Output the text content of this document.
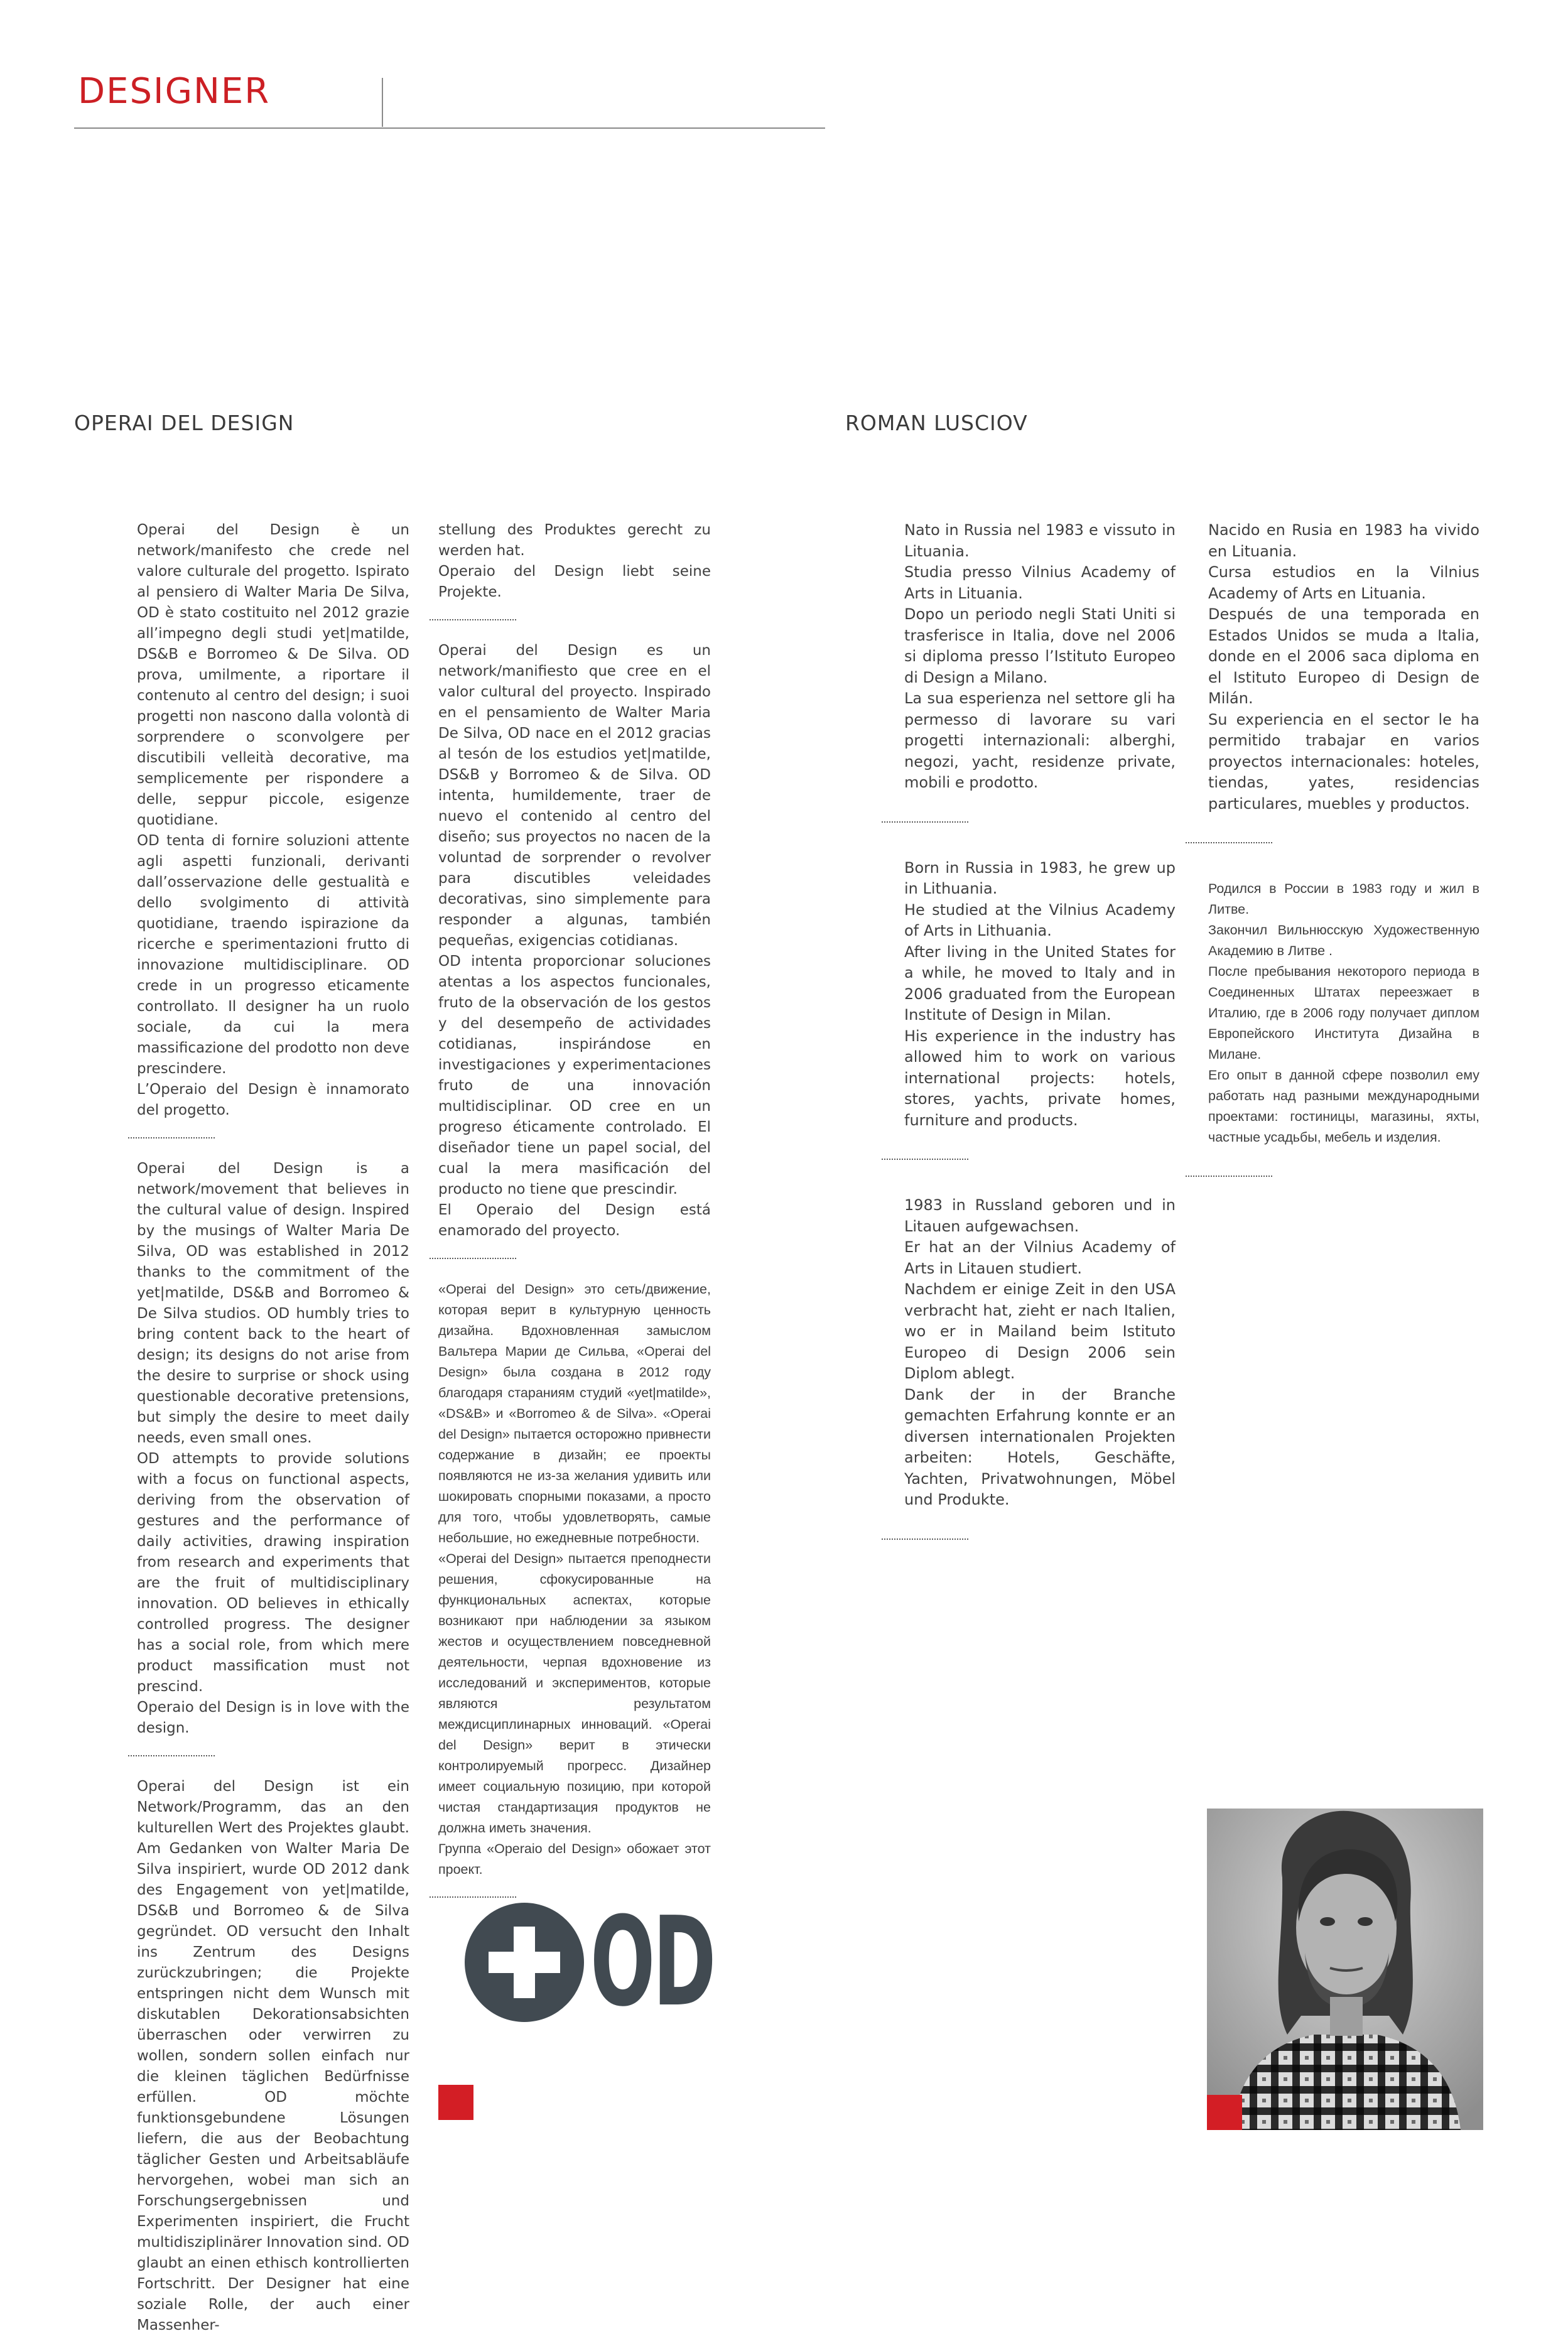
DESIGNER
OPERAI DEL DESIGN	ROMAN LUSCIOV

Operai del Design è un network/manifesto che crede nel valore culturale del progetto. Ispirato al pensiero di Walter Maria De Silva, OD è stato costituito nel 2012 grazie all’impegno degli studi yet|matilde, DS&B e Borromeo & De Silva. OD prova, umilmente, a riportare il contenuto al centro del design; i suoi progetti non nascono dalla volontà di sorprendere o sconvolgere per discutibili velleità decorative, ma semplicemente per rispondere a delle, seppur piccole, esigenze quotidiane.

OD tenta di fornire soluzioni attente agli aspetti funzionali, derivanti dall’osservazione delle gestualità e dello svolgimento di attività quotidiane, traendo ispirazione da ricerche e sperimentazioni frutto di innovazione multidisciplinare. OD crede in un progresso eticamente controllato. Il designer ha un ruolo sociale, da cui la mera massificazione del prodotto non deve prescindere.

L’Operaio del Design è innamorato del progetto.

Operai del Design is a network/movement that believes in the cultural value of design. Inspired by the musings of Walter Maria De Silva, OD was established in 2012 thanks to the commitment of the yet|matilde, DS&B and Borromeo & De Silva studios. OD humbly tries to bring content back to the heart of design; its designs do not arise from the desire to surprise or shock using questionable decorative pretensions, but simply the desire to meet daily needs, even small ones.

OD attempts to provide solutions with a focus on functional aspects, deriving from the observation of gestures and the performance of daily activities, drawing inspiration from research and experiments that are the fruit of multidisciplinary innovation. OD believes in ethically controlled progress. The designer has a social role, from which mere product massification must not prescind.

Operaio del Design is in love with the design.

Operai del Design ist ein Network/Programm, das an den kulturellen Wert des Projektes glaubt. Am Gedanken von Walter Maria De Silva inspiriert, wurde OD 2012 dank des Engagement von yet|matilde, DS&B und Borromeo & de Silva gegründet. OD versucht den Inhalt ins Zentrum des Designs zurückzubringen; die Projekte entspringen nicht dem Wunsch mit diskutablen Dekorationsabsichten überraschen oder verwirren zu wollen, sondern sollen einfach nur die kleinen täglichen Bedürfnisse erfüllen. OD möchte funktionsgebundene Lösungen liefern, die aus der Beobachtung täglicher Gesten und Arbeitsabläufe hervorgehen, wobei man sich an Forschungsergebnissen und Experimenten inspiriert, die Frucht multidisziplinärer Innovation sind. OD glaubt an einen ethisch kontrollierten Fortschritt. Der Designer hat eine soziale Rolle, der auch einer Massenher-

stellung des Produktes gerecht zu werden hat.

Operaio del Design liebt seine Projekte.

Operai del Design es un network/manifiesto que cree en el valor cultural del proyecto. Inspirado en el pensamiento de Walter Maria De Silva, OD nace en el 2012 gracias al tesón de los estudios yet|matilde, DS&B y Borromeo & de Silva. OD intenta, humildemente, traer de nuevo el contenido al centro del diseño; sus proyectos no nacen de la voluntad de sorprender o revolver para discutibles veleidades decorativas, sino simplemente para responder a algunas, también pequeñas, exigencias cotidianas.

OD intenta proporcionar soluciones atentas a los aspectos funcionales, fruto de la observación de los gestos y del desempeño de actividades cotidianas, inspirándose en investigaciones y experimentaciones fruto de una innovación multidisciplinar. OD cree en un progreso éticamente controlado. El diseñador tiene un papel social, del cual la mera masificación del producto no tiene que prescindir.

El Operaio del Design está enamorado del proyecto.

«Operai del Design» это сеть/движение, которая верит в культурную ценность дизайна. Вдохновленная замыслом Вальтера Марии де Сильва, «Operai del Design» была создана в 2012 году благодаря стараниям студий «yet|matilde», «DS&B» и «Borromeo & de Silva». «Operai del Design» пытается осторожно привнести содержание в дизайн; ее проекты появляются не из-за желания удивить или шокировать спорными показами, а просто для того, чтобы удовлетворять, самые небольшие, но ежедневные потребности.

«Operai del Design» пытается преподнести решения, сфокусированные на функциональных аспектах, которые возникают при наблюдении за языком жестов и осуществлением повседневной деятельности, черпая вдохновение из исследований и экспериментов, которые являются результатом междисциплинарных инноваций. «Operai del Design» верит в этически контролируемый прогресс. Дизайнер имеет социальную позицию, при которой чистая стандартизация продуктов не должна иметь значения.

Группа «Operaio del Design» обожает этот проект.

OD

Nato in Russia nel 1983 e vissuto in Lituania.

Studia presso Vilnius Academy of Arts in Lituania.

Dopo un periodo negli Stati Uniti si trasferisce in Italia, dove nel 2006 si diploma presso l’Istituto Europeo di Design a Milano.

La sua esperienza nel settore gli ha permesso di lavorare su vari progetti internazionali: alberghi, negozi, yacht, residenze private, mobili e prodotto.

Born in Russia in 1983, he grew up in Lithuania.

He studied at the Vilnius Academy of Arts in Lithuania.

After living in the United States for a while, he moved to Italy and in 2006 graduated from the European Institute of Design in Milan.

His experience in the industry has allowed him to work on various international projects: hotels, stores, yachts, private homes, furniture and products.

1983 in Russland geboren und in Litauen aufgewachsen.

Er hat an der Vilnius Academy of Arts in Litauen studiert.

Nachdem er einige Zeit in den USA verbracht hat, zieht er nach Italien, wo er in Mailand beim Istituto Europeo di Design 2006 sein Diplom ablegt.

Dank der in der Branche gemachten Erfahrung konnte er an diversen internationalen Projekten arbeiten: Hotels, Geschäfte, Yachten, Privatwohnungen, Möbel und Produkte.

Nacido en Rusia en 1983 ha vivido en Lituania.

Cursa estudios en la Vilnius Academy of Arts en Lituania.

Después de una temporada en Estados Unidos se muda a Italia, donde en el 2006 saca diploma en el Istituto Europeo di Design de Milán.

Su experiencia en el sector le ha permitido trabajar en varios proyectos internacionales: hoteles, tiendas, yates, residencias particulares, muebles y productos.

Родился в России в 1983 году и жил в Литве.

Закончил Вильнюсскую Художественную Академию в Литве .

После пребывания некоторого периода в Соединенных Штатах переезжает в Италию, где в 2006 году получает диплом Европейского Института Дизайна в Милане.

Его опыт в данной сфере позволил ему работать над разными международными проектами: гостиницы, магазины, яхты, частные усадьбы, мебель и изделия.
